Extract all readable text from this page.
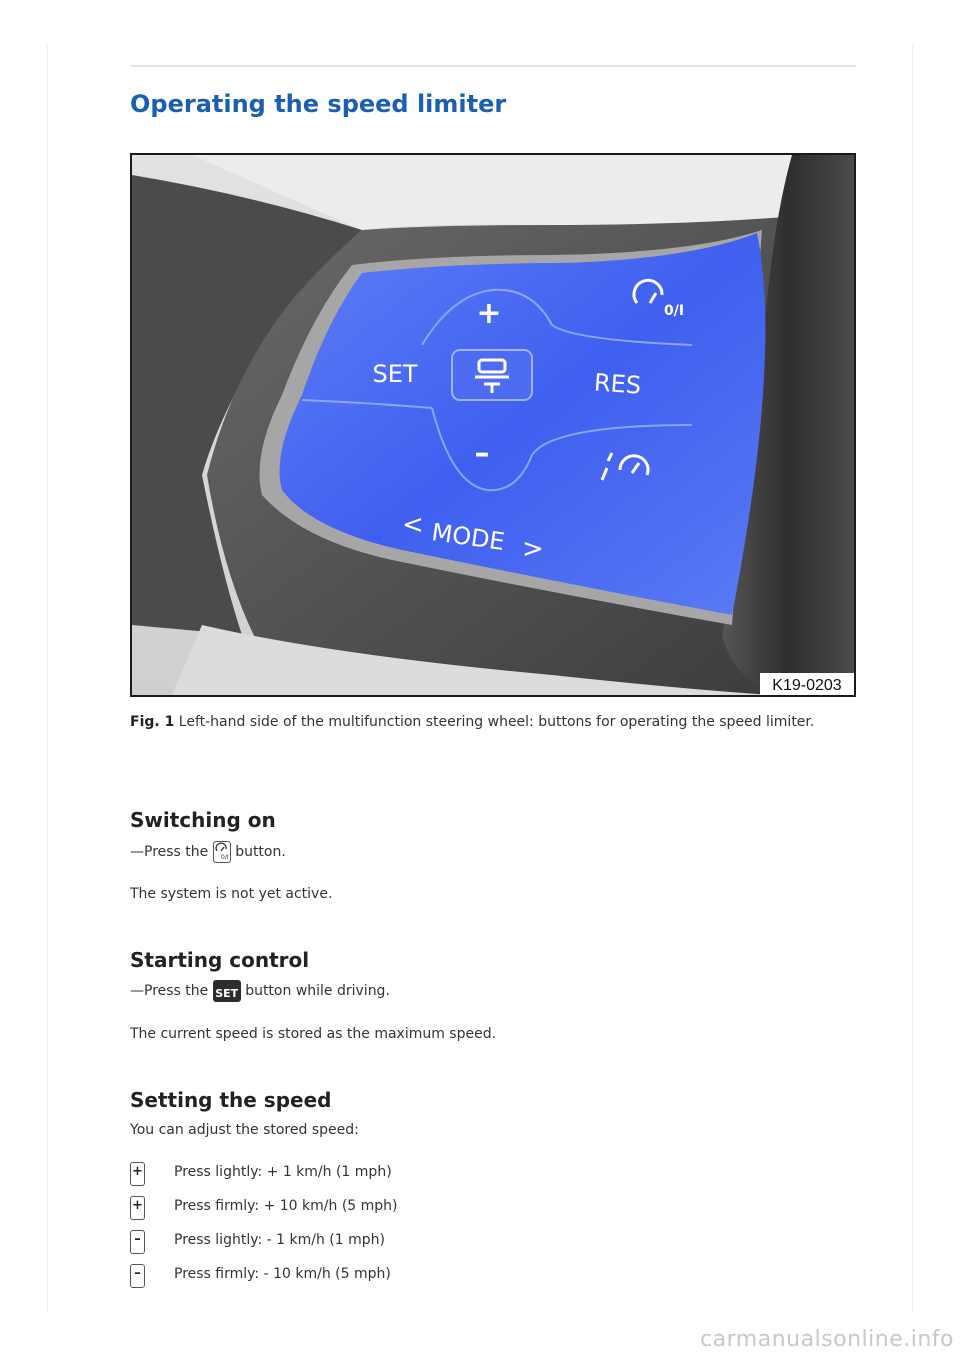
Operating the speed limiter
+
–
SET	RES
MODE
<
>
0/I
K19-0203
Fig. 1 Left-hand side of the multifunction steering wheel: buttons for operating the speed limiter.
Switching on
—Press the 0/I button.
The system is not yet active.
Starting control
—Press the SET button while driving.
The current speed is stored as the maximum speed.
Setting the speed
You can adjust the stored speed:
+ Press lightly: + 1 km/h (1 mph)
+ Press firmly: + 10 km/h (5 mph)
– Press lightly: - 1 km/h (1 mph)
– Press firmly: - 10 km/h (5 mph)
carmanualsonline.info
